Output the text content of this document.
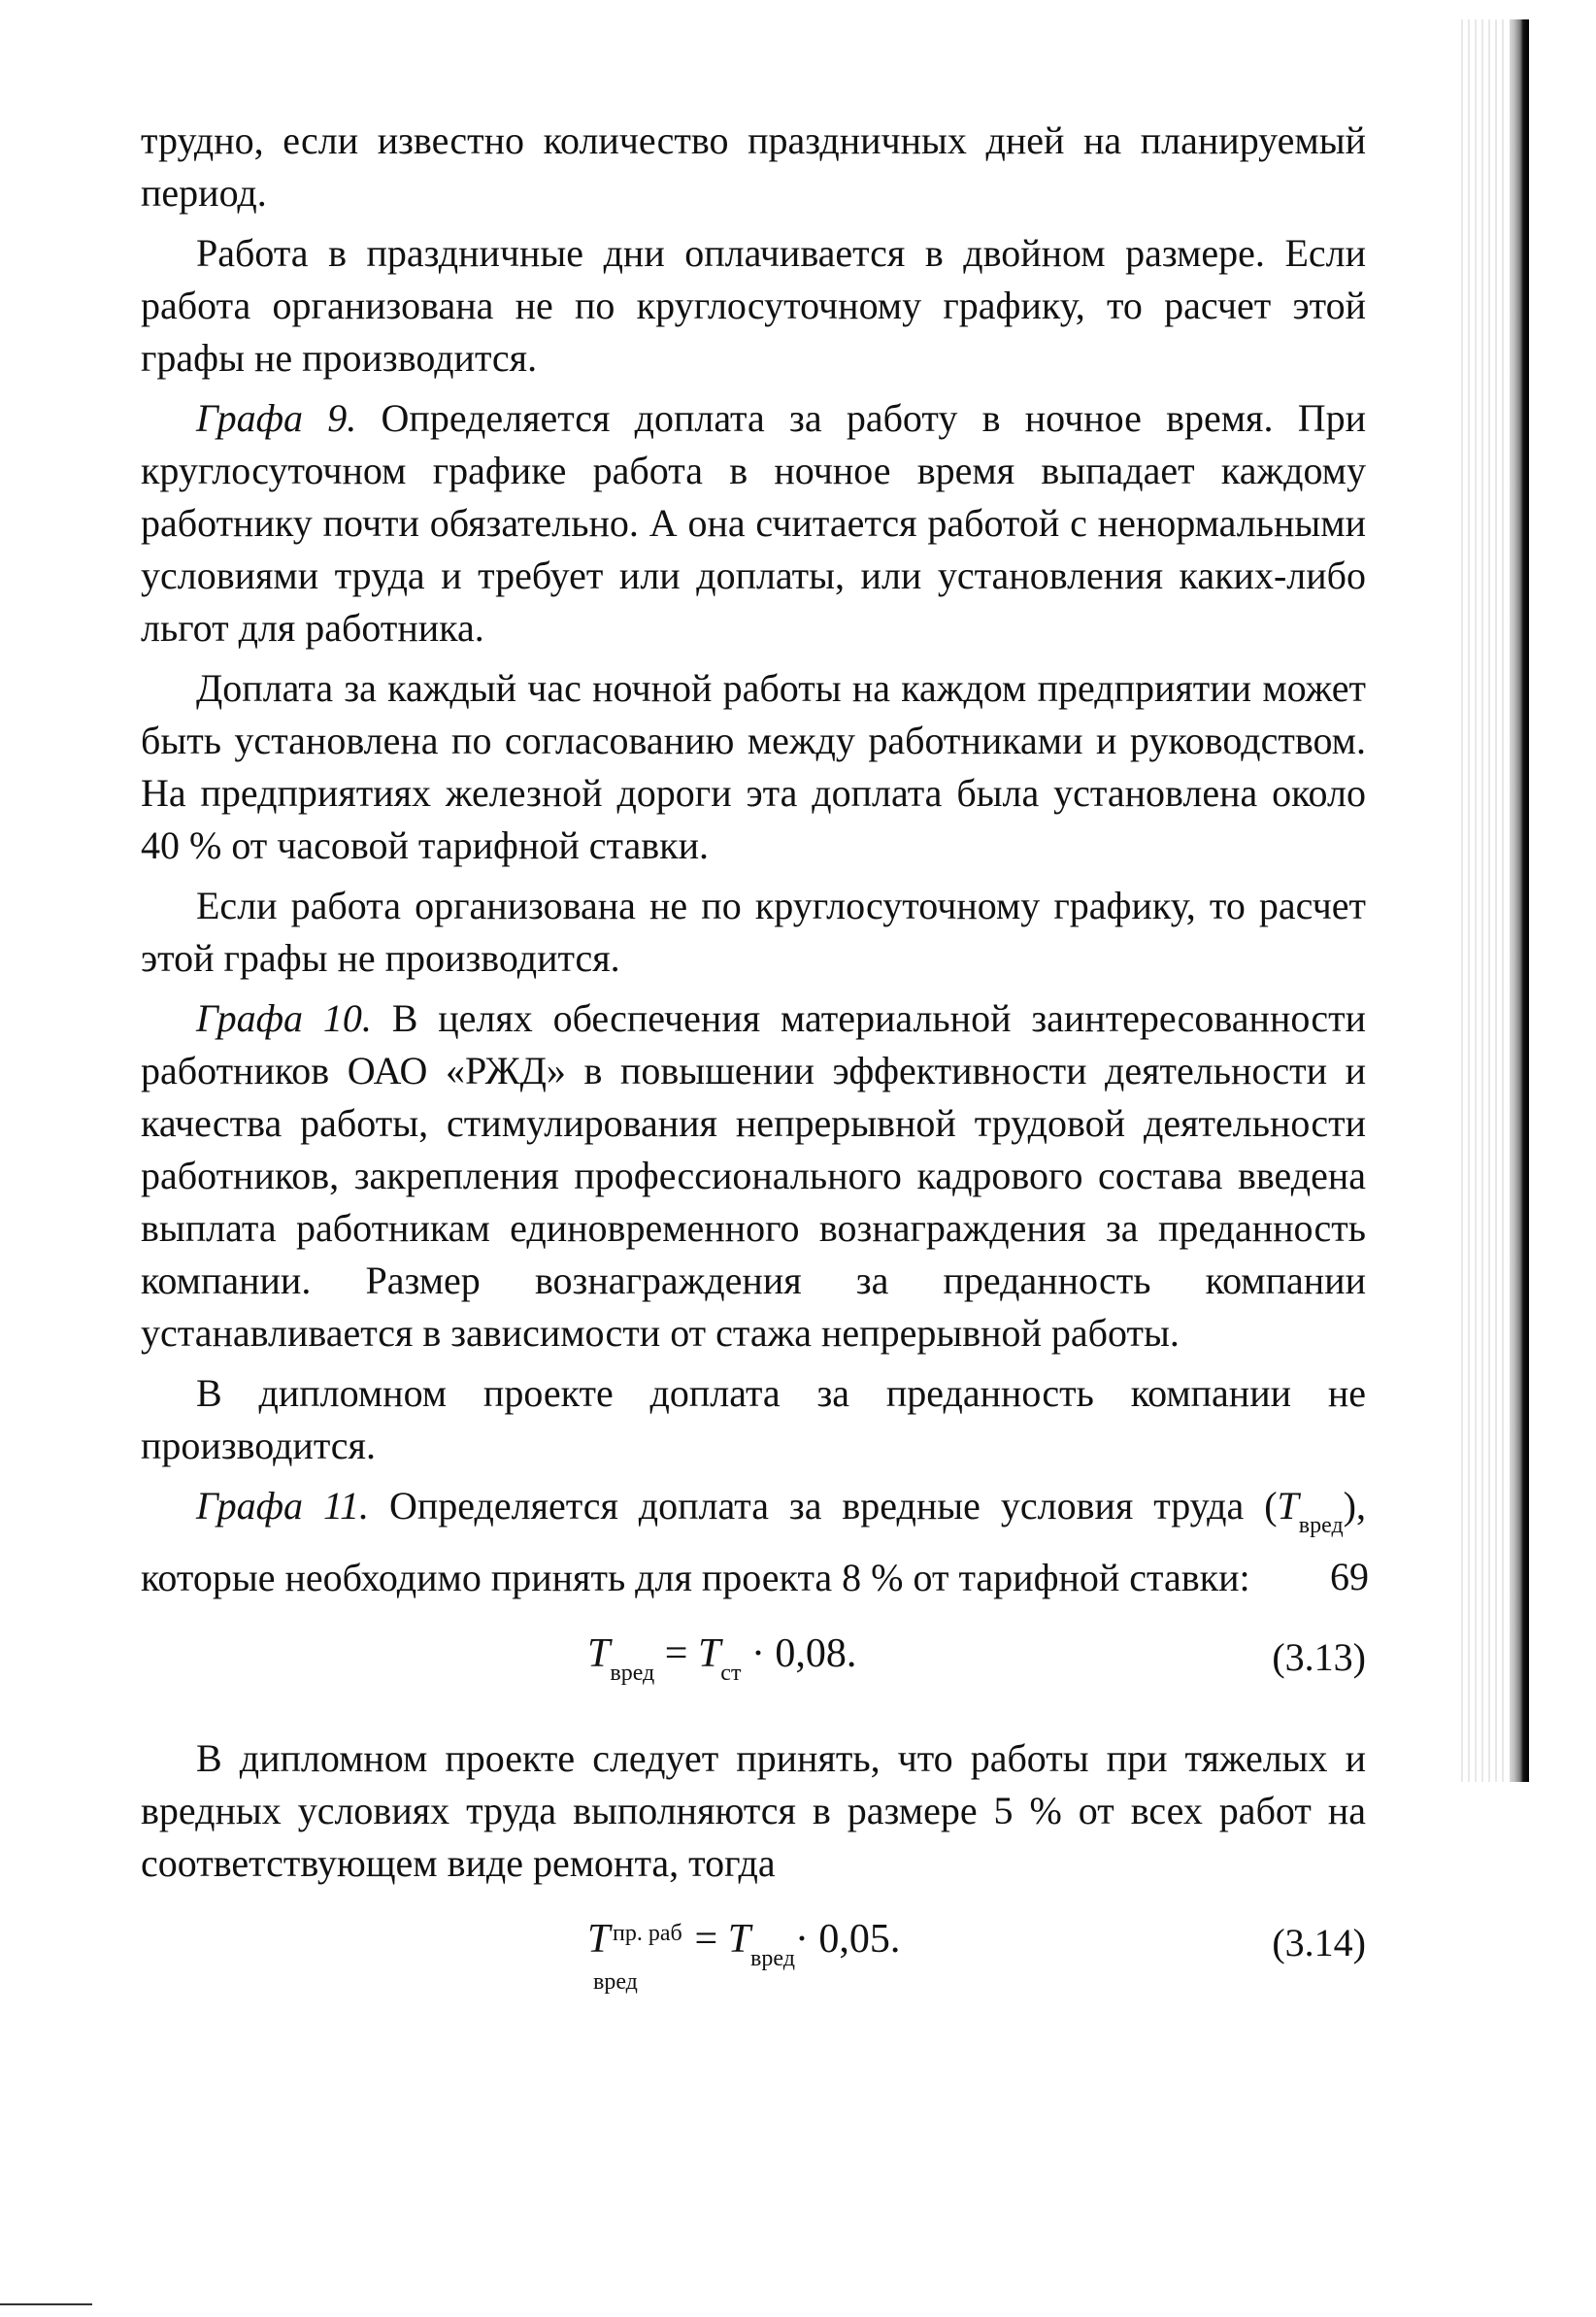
трудно, если известно количество праздничных дней на планируемый период.

Работа в праздничные дни оплачивается в двойном размере. Если работа организована не по круглосуточному графику, то расчет этой графы не производится.

Графа 9. Определяется доплата за работу в ночное время. При круглосуточном графике работа в ночное время выпадает каждому работнику почти обязательно. А она считается работой с ненормальными условиями труда и требует или доплаты, или установления каких-либо льгот для работника.

Доплата за каждый час ночной работы на каждом предприятии может быть установлена по согласованию между работниками и руководством. На предприятиях железной дороги эта доплата была установлена около 40 % от часовой тарифной ставки.

Если работа организована не по круглосуточному графику, то расчет этой графы не производится.

Графа 10. В целях обеспечения материальной заинтересованности работников ОАО «РЖД» в повышении эффективности деятельности и качества работы, стимулирования непрерывной трудовой деятельности работников, закрепления профессионального кадрового состава введена выплата работникам единовременного вознаграждения за преданность компании. Размер вознаграждения за преданность компании устанавливается в зависимости от стажа непрерывной работы.

В дипломном проекте доплата за преданность компании не производится.

Графа 11. Определяется доплата за вредные условия труда $(Т_{вред})$, которые необходимо принять для проекта 8 % от тарифной ставки:

$Т_{вред} = Т_{ст} \cdot 0,08$.	(3.13)

В дипломном проекте следует принять, что работы при тяжелых и вредных условиях труда выполняются в размере 5 % от всех работ на соответствующем виде ремонта, тогда

Т пр. раб
вред
= $Т_{вред}\cdot 0,05$.	(3.14)
69
